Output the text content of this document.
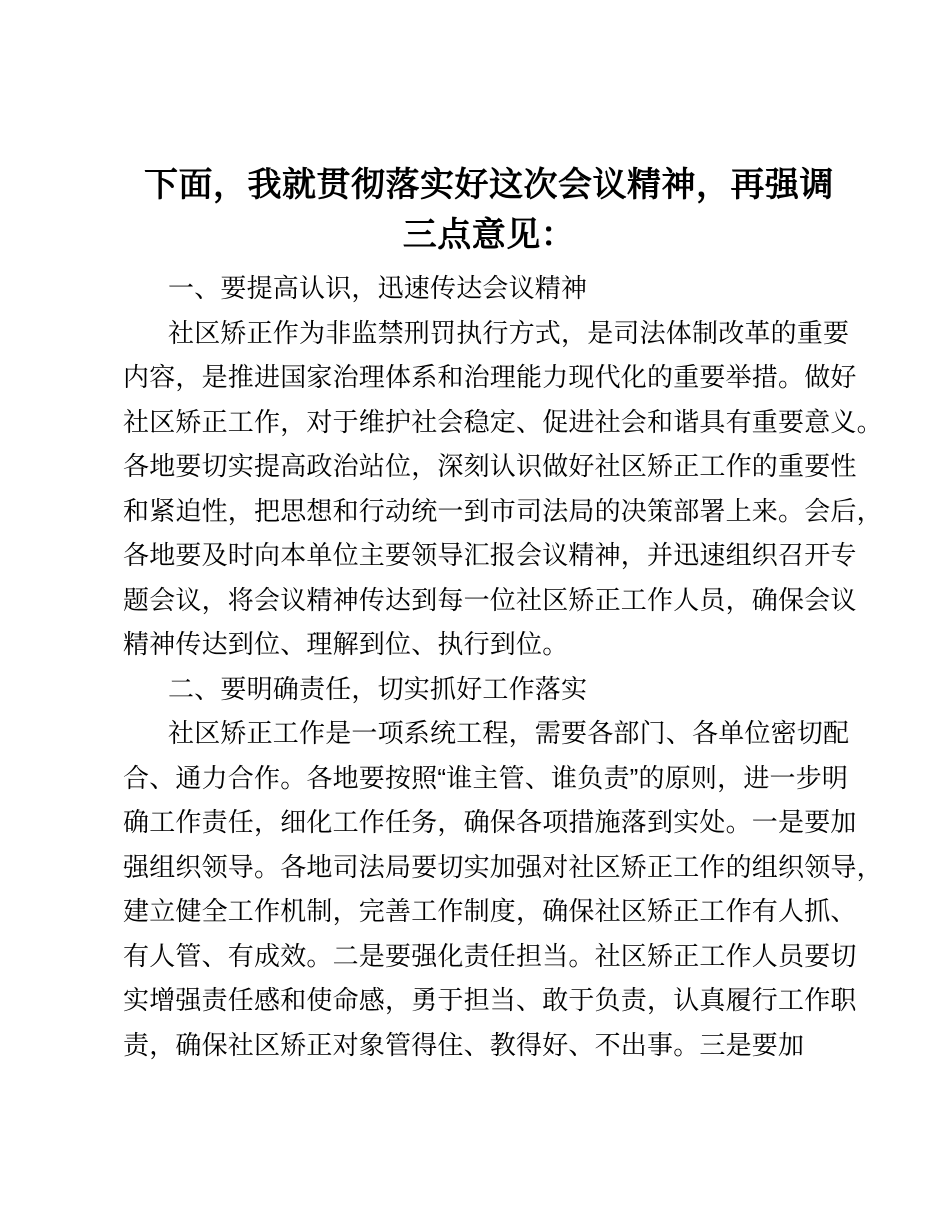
下面，我就贯彻落实好这次会议精神，再强调
三点意见：
一、要提高认识，迅速传达会议精神
社区矫正作为非监禁刑罚执行方式，是司法体制改革的重要
内容，是推进国家治理体系和治理能力现代化的重要举措。做好
社区矫正工作，对于维护社会稳定、促进社会和谐具有重要意义。
各地要切实提高政治站位，深刻认识做好社区矫正工作的重要性
和紧迫性，把思想和行动统一到市司法局的决策部署上来。会后，
各地要及时向本单位主要领导汇报会议精神，并迅速组织召开专
题会议，将会议精神传达到每一位社区矫正工作人员，确保会议
精神传达到位、理解到位、执行到位。
二、要明确责任，切实抓好工作落实
社区矫正工作是一项系统工程，需要各部门、各单位密切配
合、通力合作。各地要按照“谁主管、谁负责”的原则，进一步明
确工作责任，细化工作任务，确保各项措施落到实处。一是要加
强组织领导。各地司法局要切实加强对社区矫正工作的组织领导，
建立健全工作机制，完善工作制度，确保社区矫正工作有人抓、
有人管、有成效。二是要强化责任担当。社区矫正工作人员要切
实增强责任感和使命感，勇于担当、敢于负责，认真履行工作职
责，确保社区矫正对象管得住、教得好、不出事。三是要加
